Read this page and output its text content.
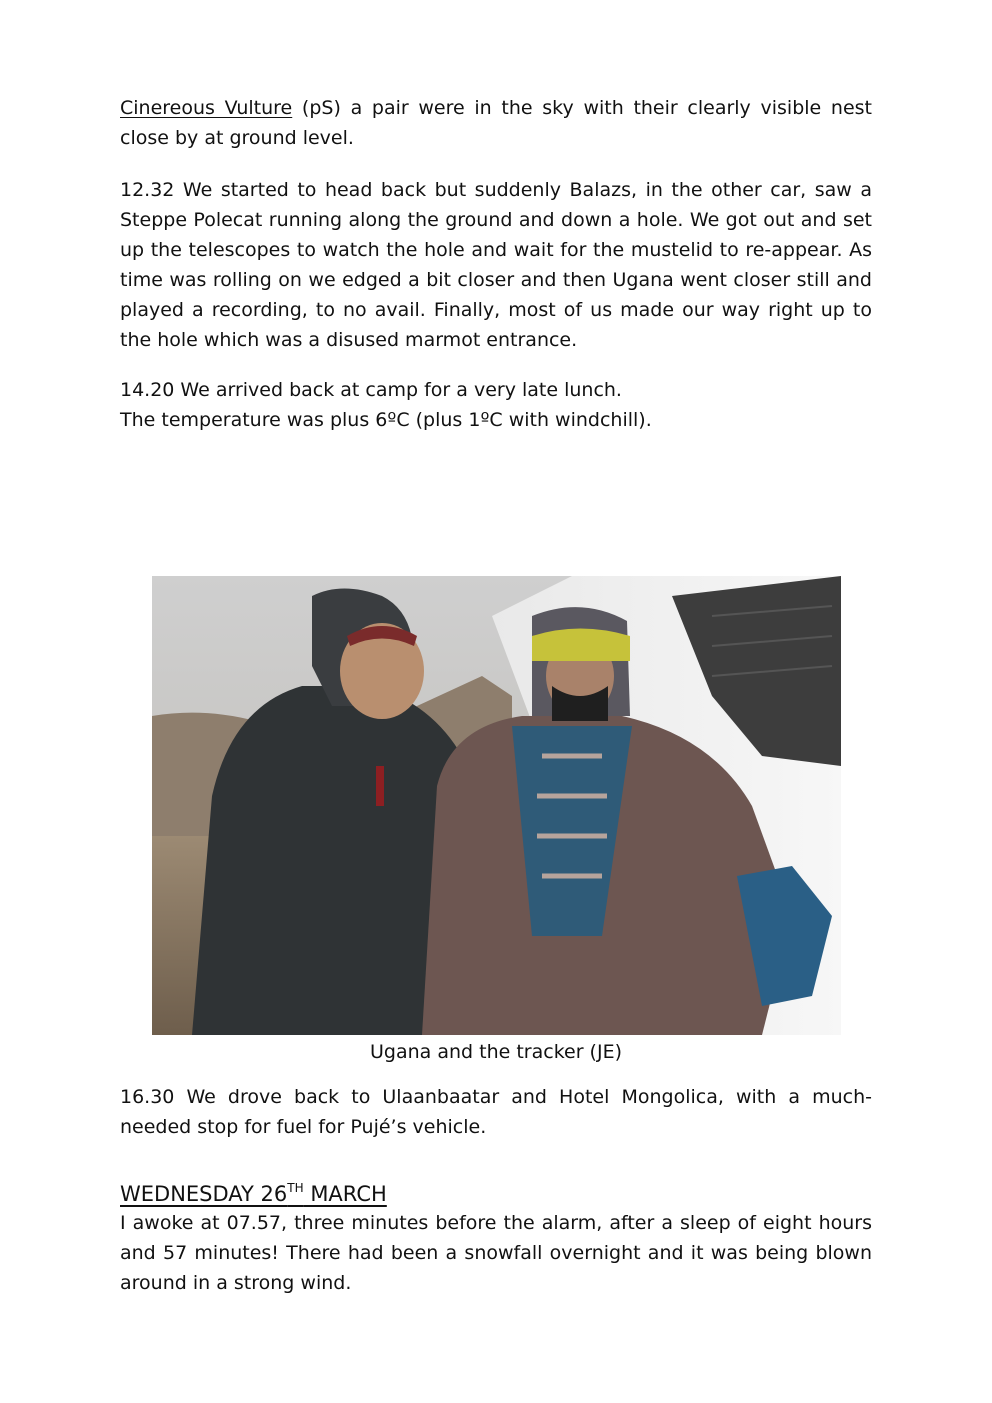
Cinereous Vulture (pS) a pair were in the sky with their clearly visible nest close by at ground level.

12.32 We started to head back but suddenly Balazs, in the other car, saw a Steppe Polecat running along the ground and down a hole. We got out and set up the telescopes to watch the hole and wait for the mustelid to re-appear. As time was rolling on we edged a bit closer and then Ugana went closer still and played a recording, to no avail. Finally, most of us made our way right up to the hole which was a disused marmot entrance.

14.20 We arrived back at camp for a very late lunch.
The temperature was plus 6ºC (plus 1ºC with windchill).

16.30 We drove back to Ulaanbaatar and Hotel Mongolica, with a much-needed stop for fuel for Pujé’s vehicle.

WEDNESDAY 26TH MARCH

I awoke at 07.57, three minutes before the alarm, after a sleep of eight hours and 57 minutes! There had been a snowfall overnight and it was being blown around in a strong wind.

Ugana and the tracker (JE)
